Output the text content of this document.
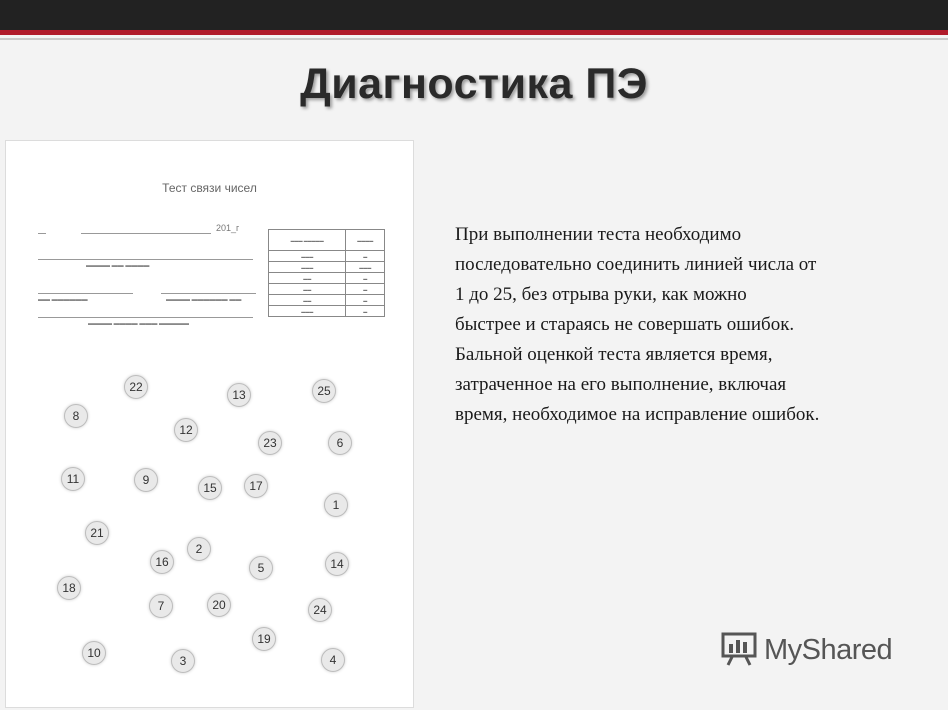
Диагностика ПЭ
Тест связи чисел
201_г
▬▬▬▬ ▬▬ ▬▬▬▬
▬▬ ▬▬▬▬▬▬	▬▬▬▬ ▬▬▬▬▬▬ ▬▬
▬▬▬▬ ▬▬▬▬ ▬▬▬ ▬▬▬▬▬
▬▬▬ ▬▬▬▬▬	▬▬▬▬
▬▬▬	▬
▬▬▬	▬▬▬
▬▬	▬
▬▬	▬
▬▬	▬
▬▬▬	▬
22
13	25
8
12
23	6
11	9
15	17
1
21
2
16	5	14
18
7	20	24
19
10
3	4

При выполнении теста необходимо
последовательно соединить линией числа от
1 до 25, без отрыва руки, как можно
быстрее и стараясь не совершать ошибок.
Бальной оценкой теста является время,
затраченное на его выполнение, включая
время, необходимое на исправление ошибок.

MyShared
